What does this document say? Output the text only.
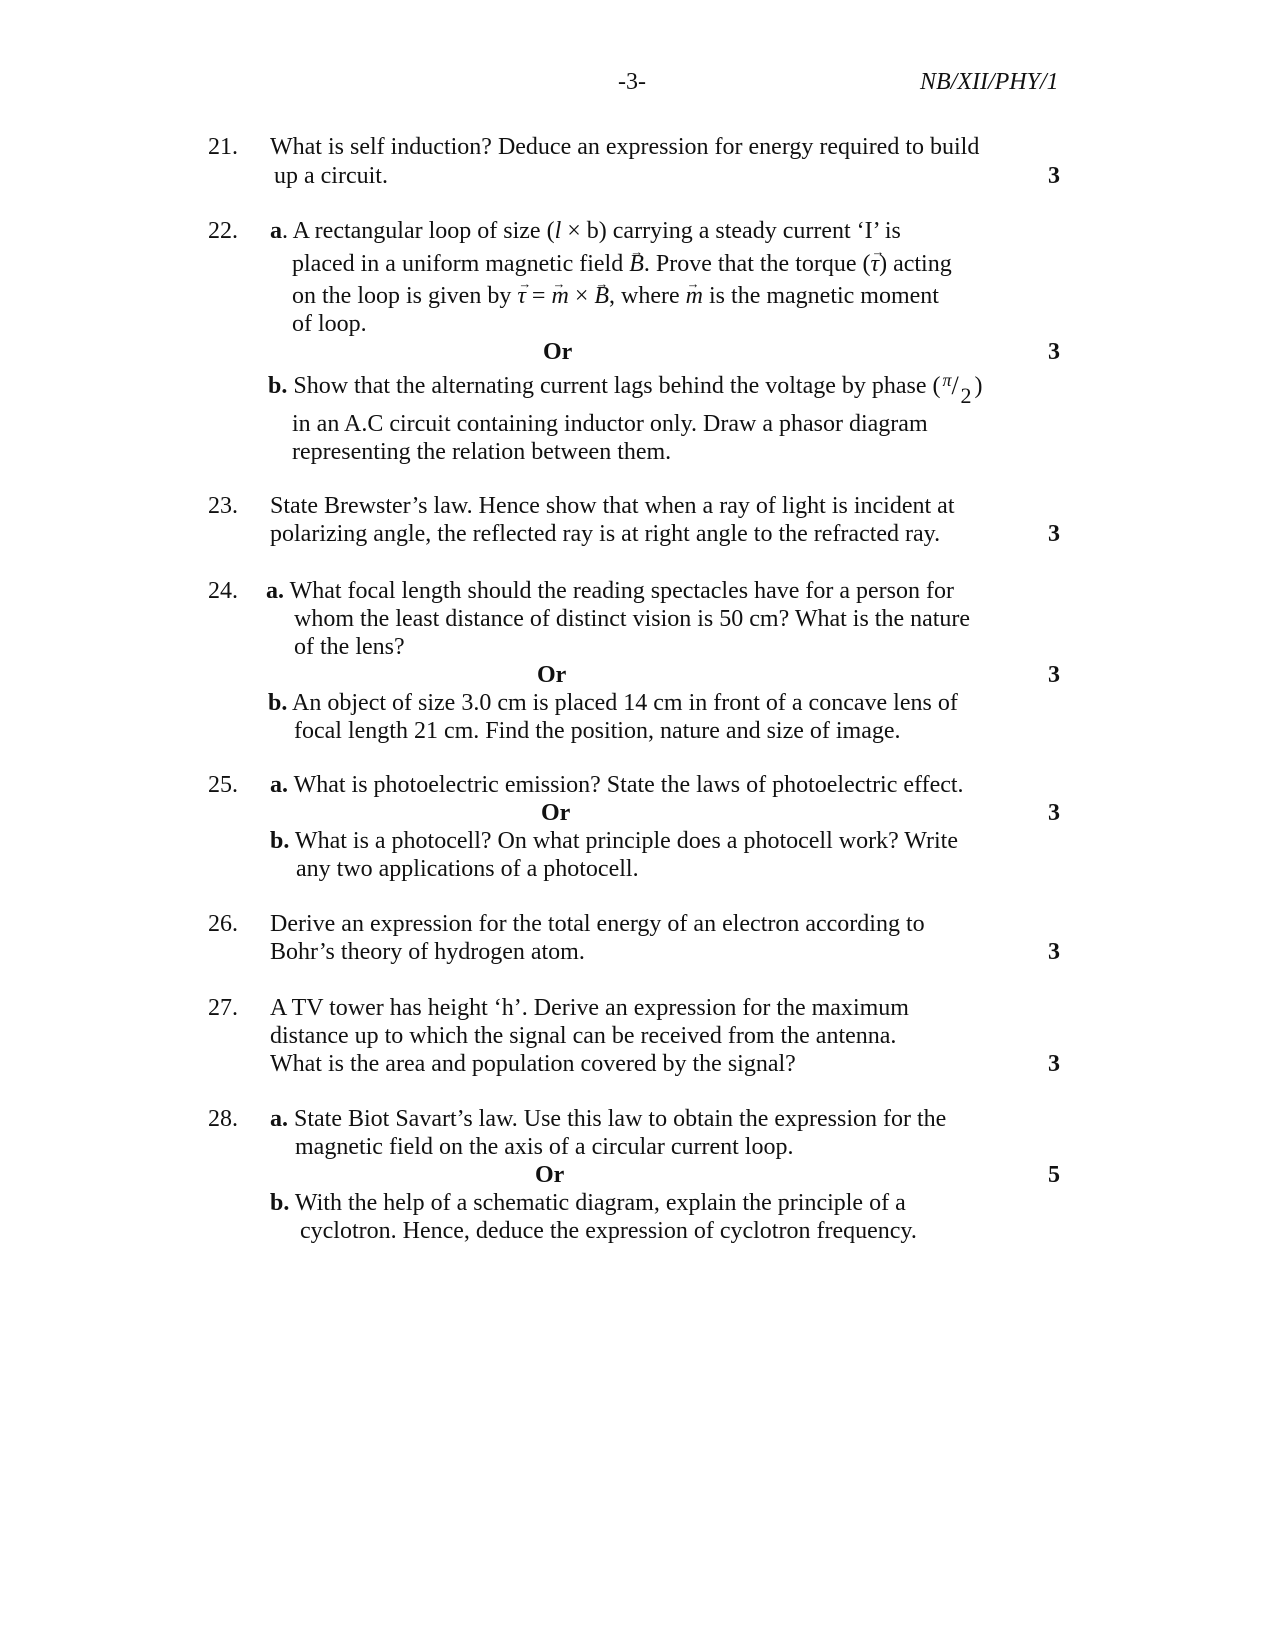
-3-	NB/XII/PHY/1
21. What is self induction? Deduce an expression for energy required to build
up a circuit.	3
22. a. A rectangular loop of size (l × b) carrying a steady current ‘I’ is
placed in a uniform magnetic field → B. Prove that the torque (→ τ) acting
on the loop is given by → τ = → m × → B, where → m is the magnetic moment
of loop.
Or	3
b. Show that the alternating current lags behind the voltage by phase ( π / 2 )
in an A.C circuit containing inductor only. Draw a phasor diagram
representing the relation between them.
23. State Brewster’s law. Hence show that when a ray of light is incident at
polarizing angle, the reflected ray is at right angle to the refracted ray.	3
24. a. What focal length should the reading spectacles have for a person for
whom the least distance of distinct vision is 50 cm? What is the nature
of the lens?
Or	3
b. An object of size 3.0 cm is placed 14 cm in front of a concave lens of
focal length 21 cm. Find the position, nature and size of image.
25. a. What is photoelectric emission? State the laws of photoelectric effect.
Or	3
b. What is a photocell? On what principle does a photocell work? Write
any two applications of a photocell.
26. Derive an expression for the total energy of an electron according to
Bohr’s theory of hydrogen atom.	3
27. A TV tower has height ‘h’. Derive an expression for the maximum
distance up to which the signal can be received from the antenna.
What is the area and population covered by the signal?	3
28. a. State Biot Savart’s law. Use this law to obtain the expression for the
magnetic field on the axis of a circular current loop.
Or	5
b. With the help of a schematic diagram, explain the principle of a
cyclotron. Hence, deduce the expression of cyclotron frequency.
